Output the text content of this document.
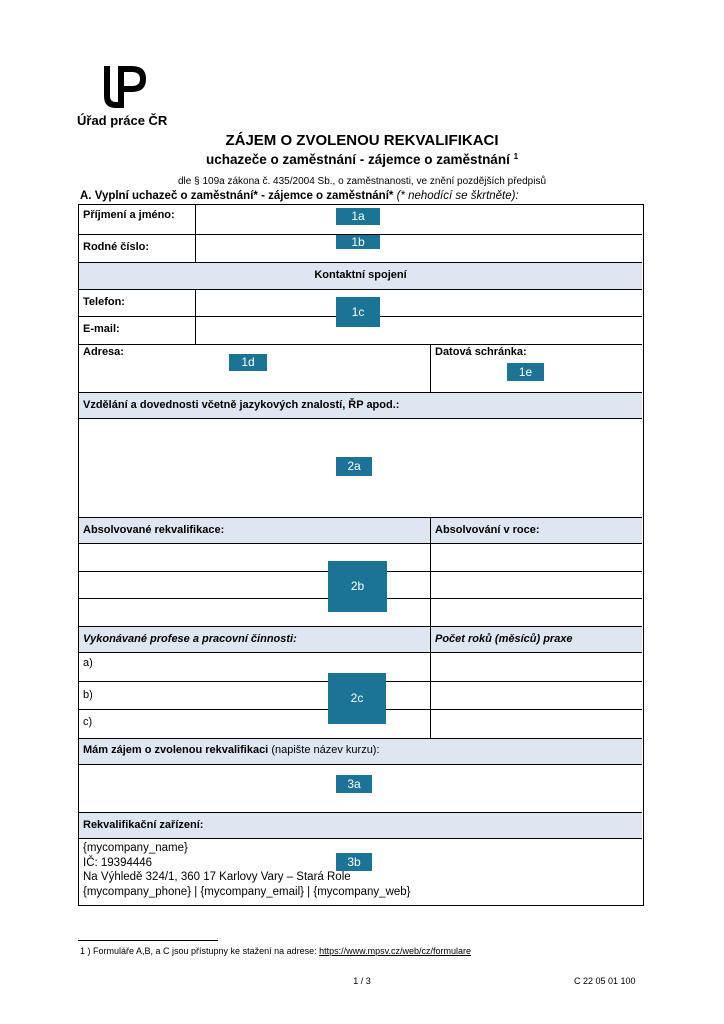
Úřad práce ČR
ZÁJEM O ZVOLENOU REKVALIFIKACI
uchazeče o zaměstnání - zájemce o zaměstnání $^1$
dle § 109a zákona č. 435/2004 Sb., o zaměstnanosti, ve znění pozdějších předpisů
A. Vyplní uchazeč o zaměstnání* - zájemce o zaměstnání* (* nehodící se škrtněte):
Příjmení a jméno:
Rodné číslo:
Kontaktní spojení
Telefon:
E-mail:
Adresa:	Datová schránka:
Vzdělání a dovednosti včetně jazykových znalostí, ŘP apod.:
Absolvované rekvalifikace:	Absolvování v roce:
Vykonávané profese a pracovní činnosti:	Počet roků (měsíců) praxe
a)
b)
c)
Mám zájem o zvolenou rekvalifikaci (napište název kurzu):
Rekvalifikační zařízení:
{mycompany_name}
IČ: 19394446
Na Výhledě 324/1, 360 17 Karlovy Vary – Stará Role
{mycompany_phone} | {mycompany_email} | {mycompany_web}
1a
1b
1c
1d
1e
2a
2b
2c
3a
3b
1 ) Formuláře A,B, a C jsou přístupny ke stažení na adrese: https://www.mpsv.cz/web/cz/formulare
1 / 3	C 22 05 01 100
